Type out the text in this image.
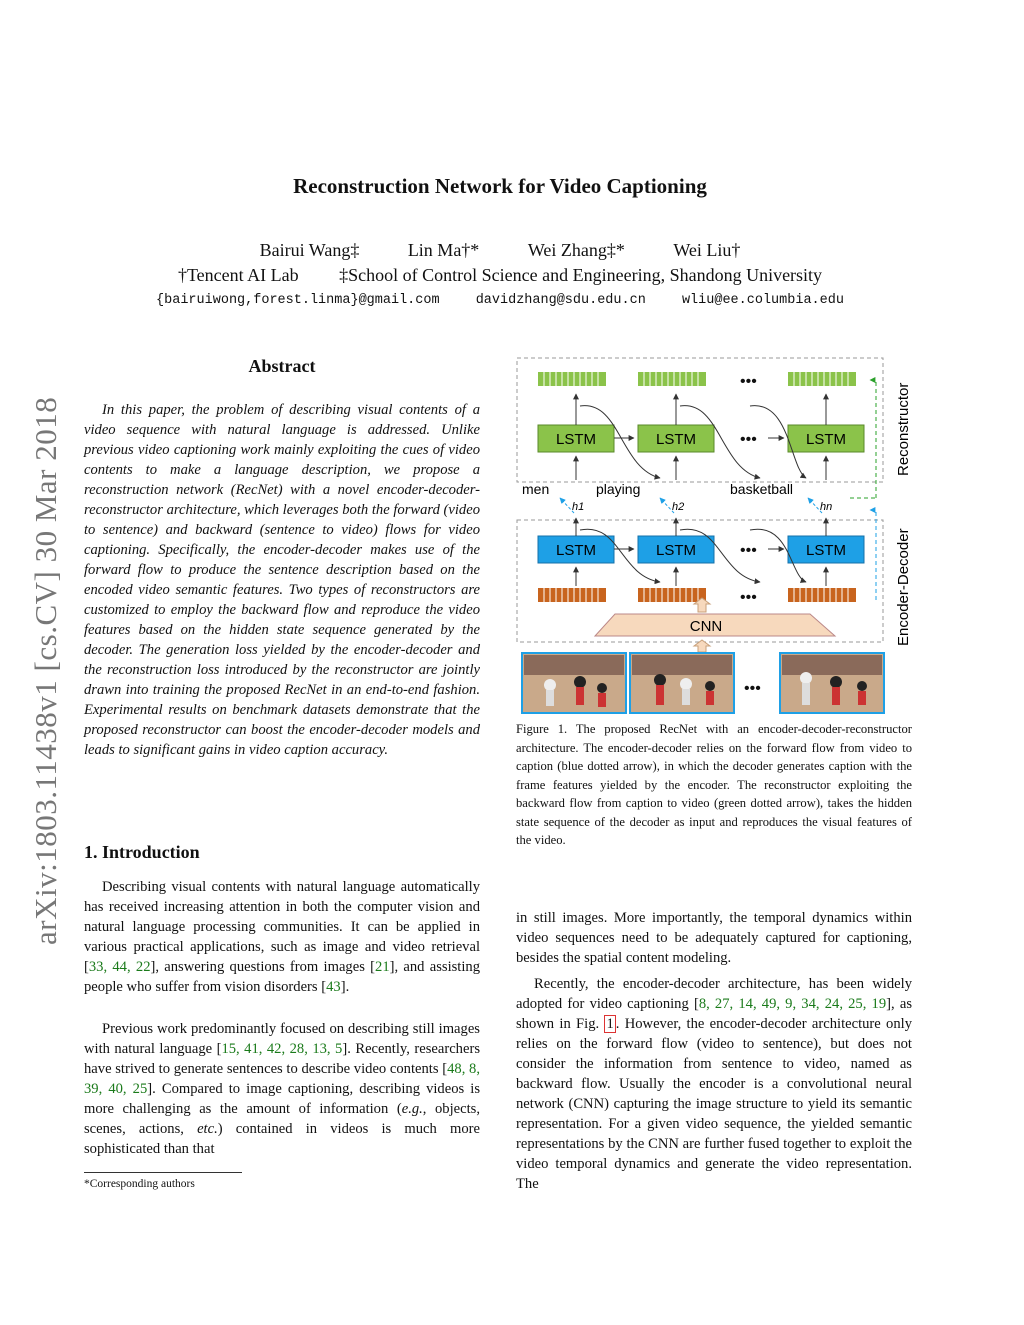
Reconstruction Network for Video Captioning
Bairui Wang‡	Lin Ma†*	Wei Zhang‡*	Wei Liu†
†Tencent AI Lab ‡School of Control Science and Engineering, Shandong University
{bairuiwong,forest.linma}@gmail.com	davidzhang@sdu.edu.cn	wliu@ee.columbia.edu
arXiv:1803.11438v1 [cs.CV] 30 Mar 2018
Abstract
In this paper, the problem of describing visual contents of a video sequence with natural language is addressed. Unlike previous video captioning work mainly exploiting the cues of video contents to make a language description, we propose a reconstruction network (RecNet) with a novel encoder-decoder-reconstructor architecture, which leverages both the forward (video to sentence) and backward (sentence to video) flows for video captioning. Specifically, the encoder-decoder makes use of the forward flow to produce the sentence description based on the encoded video semantic features. Two types of reconstructors are customized to employ the backward flow and reproduce the video features based on the hidden state sequence generated by the decoder. The generation loss yielded by the encoder-decoder and the reconstruction loss introduced by the reconstructor are jointly drawn into training the proposed RecNet in an end-to-end fashion. Experimental results on benchmark datasets demonstrate that the proposed reconstructor can boost the encoder-decoder models and leads to significant gains in video caption accuracy.
1. Introduction
Describing visual contents with natural language automatically has received increasing attention in both the computer vision and natural language processing communities. It can be applied in various practical applications, such as image and video retrieval [33, 44, 22], answering questions from images [21], and assisting people who suffer from vision disorders [43].
Previous work predominantly focused on describing still images with natural language [15, 41, 42, 28, 13, 5]. Recently, researchers have strived to generate sentences to describe video contents [48, 8, 39, 40, 25]. Compared to image captioning, describing videos is more challenging as the amount of information (e.g., objects, scenes, actions, etc.) contained in videos is much more sophisticated than that
*Corresponding authors
•••
LSTM	LSTM	LSTM
•••
men	playing	basketball
h1	h2	hn
LSTM	LSTM	LSTM
•••
•••
CNN
•••
Reconstructor
Encoder-Decoder
Figure 1. The proposed RecNet with an encoder-decoder-reconstructor architecture. The encoder-decoder relies on the forward flow from video to caption (blue dotted arrow), in which the decoder generates caption with the frame features yielded by the encoder. The reconstructor exploiting the backward flow from caption to video (green dotted arrow), takes the hidden state sequence of the decoder as input and reproduces the visual features of the video.
in still images. More importantly, the temporal dynamics within video sequences need to be adequately captured for captioning, besides the spatial content modeling.
Recently, the encoder-decoder architecture, has been widely adopted for video captioning [8, 27, 14, 49, 9, 34, 24, 25, 19], as shown in Fig. 1 . However, the encoder-decoder architecture only relies on the forward flow (video to sentence), but does not consider the information from sentence to video, named as backward flow. Usually the encoder is a convolutional neural network (CNN) capturing the image structure to yield its semantic representation. For a given video sequence, the yielded semantic representations by the CNN are further fused together to exploit the video temporal dynamics and generate the video representation. The
